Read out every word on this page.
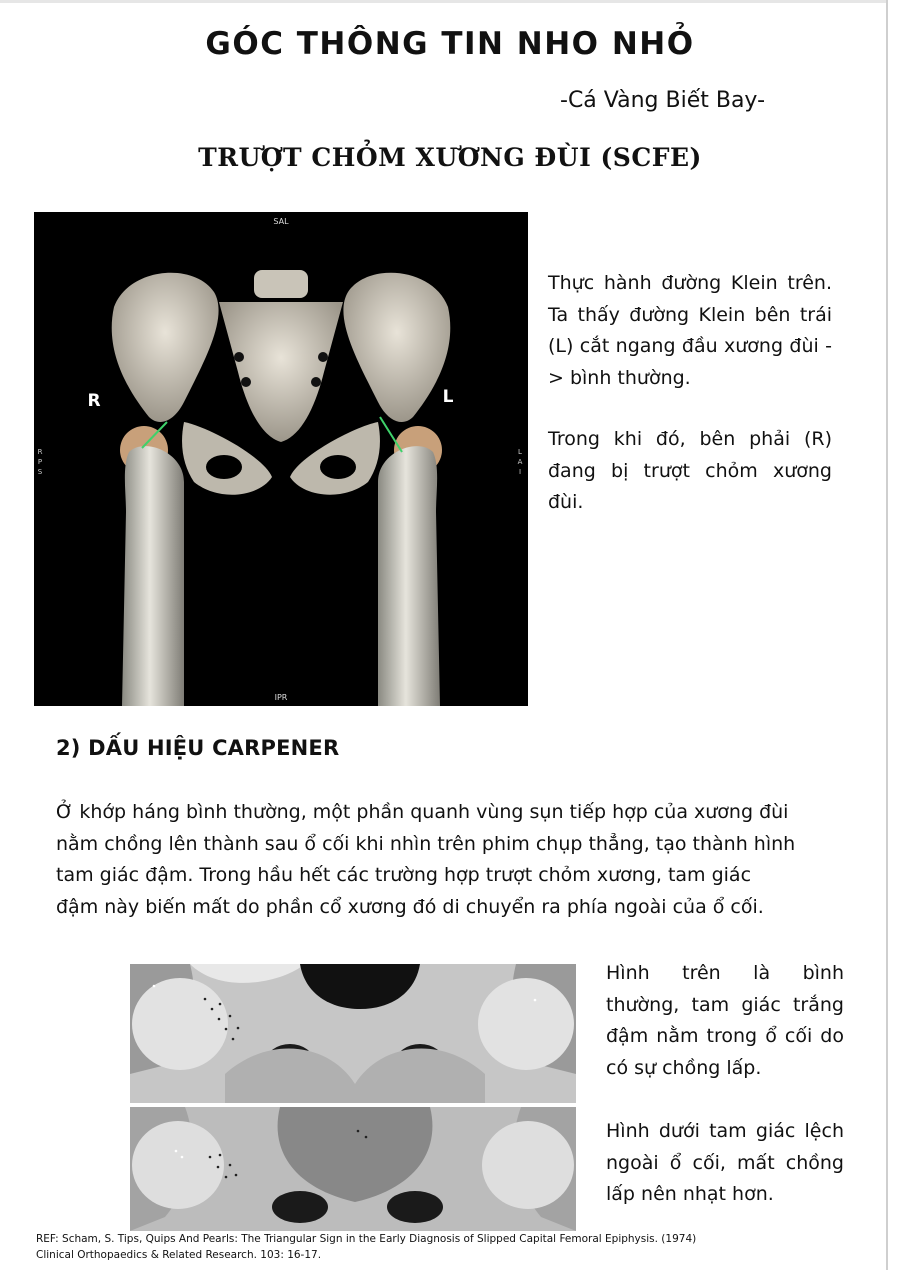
GÓC THÔNG TIN NHO NHỎ
-Cá Vàng Biết Bay-
TRƯỢT CHỎM XƯƠNG ĐÙI (SCFE)
SAL
IPR
R	L
R
P
S
L
A
I

Thực hành đường Klein trên. Ta thấy đường Klein bên trái (L) cắt ngang đầu xương đùi -> bình thường.

Trong khi đó, bên phải (R) đang bị trượt chỏm xương đùi.

2) DẤU HIỆU CARPENER

Ở khớp háng bình thường, một phần quanh vùng sụn tiếp hợp của xương đùi nằm chồng lên thành sau ổ cối khi nhìn trên phim chụp thẳng, tạo thành hình tam giác đậm. Trong hầu hết các trường hợp trượt chỏm xương, tam giác đậm này biến mất do phần cổ xương đó di chuyển ra phía ngoài của ổ cối.

Hình trên là bình thường, tam giác trắng đậm nằm trong ổ cối do có sự chồng lấp.

Hình dưới tam giác lệch ngoài ổ cối, mất chồng lấp nên nhạt hơn.

REF: Scham, S. Tips, Quips And Pearls: The Triangular Sign in the Early Diagnosis of Slipped Capital Femoral Epiphysis. (1974)
Clinical Orthopaedics & Related Research. 103: 16-17.
